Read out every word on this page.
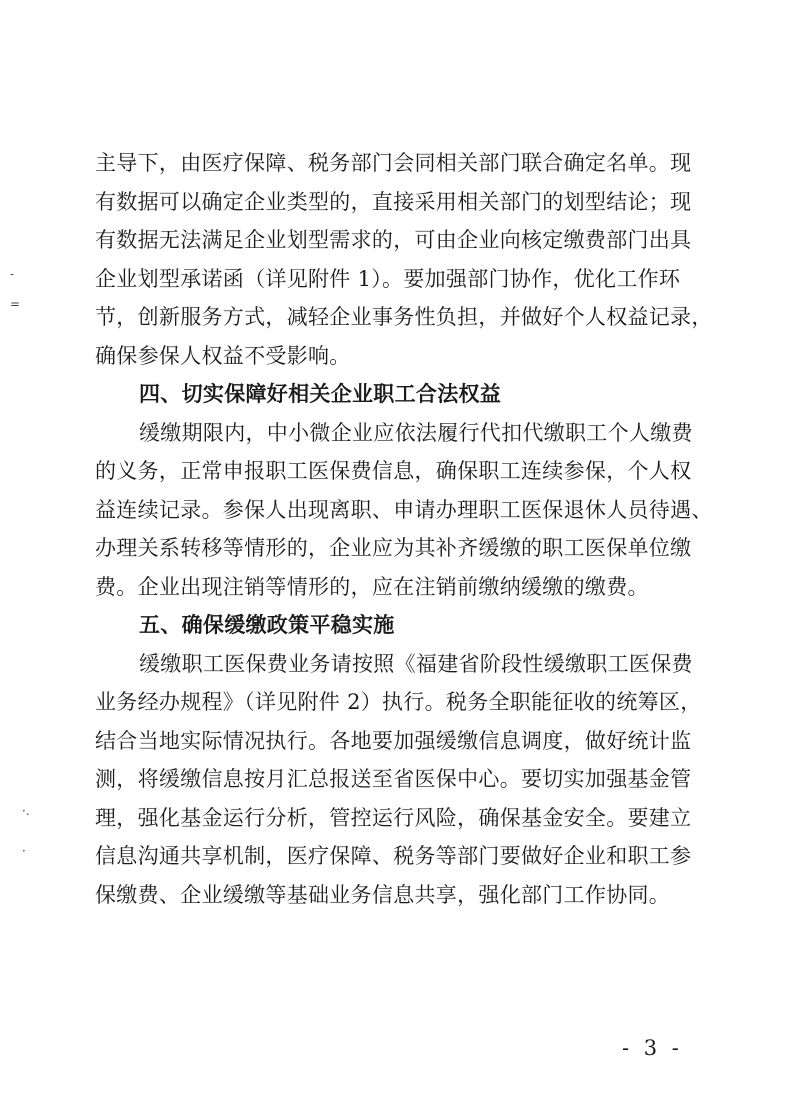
-
=
·.
·
主导下，由医疗保障、税务部门会同相关部门联合确定名单。现
有数据可以确定企业类型的，直接采用相关部门的划型结论；现
有数据无法满足企业划型需求的，可由企业向核定缴费部门出具
企业划型承诺函（详见附件 1）。要加强部门协作，优化工作环
节，创新服务方式，减轻企业事务性负担，并做好个人权益记录，
确保参保人权益不受影响。
四、切实保障好相关企业职工合法权益
缓缴期限内，中小微企业应依法履行代扣代缴职工个人缴费
的义务，正常申报职工医保费信息，确保职工连续参保，个人权
益连续记录。参保人出现离职、申请办理职工医保退休人员待遇、
办理关系转移等情形的，企业应为其补齐缓缴的职工医保单位缴
费。企业出现注销等情形的，应在注销前缴纳缓缴的缴费。
五、确保缓缴政策平稳实施
缓缴职工医保费业务请按照《福建省阶段性缓缴职工医保费
业务经办规程》（详见附件 2）执行。税务全职能征收的统筹区，
结合当地实际情况执行。各地要加强缓缴信息调度，做好统计监
测，将缓缴信息按月汇总报送至省医保中心。要切实加强基金管
理，强化基金运行分析，管控运行风险，确保基金安全。要建立
信息沟通共享机制，医疗保障、税务等部门要做好企业和职工参
保缴费、企业缓缴等基础业务信息共享，强化部门工作协同。
- 3 -
